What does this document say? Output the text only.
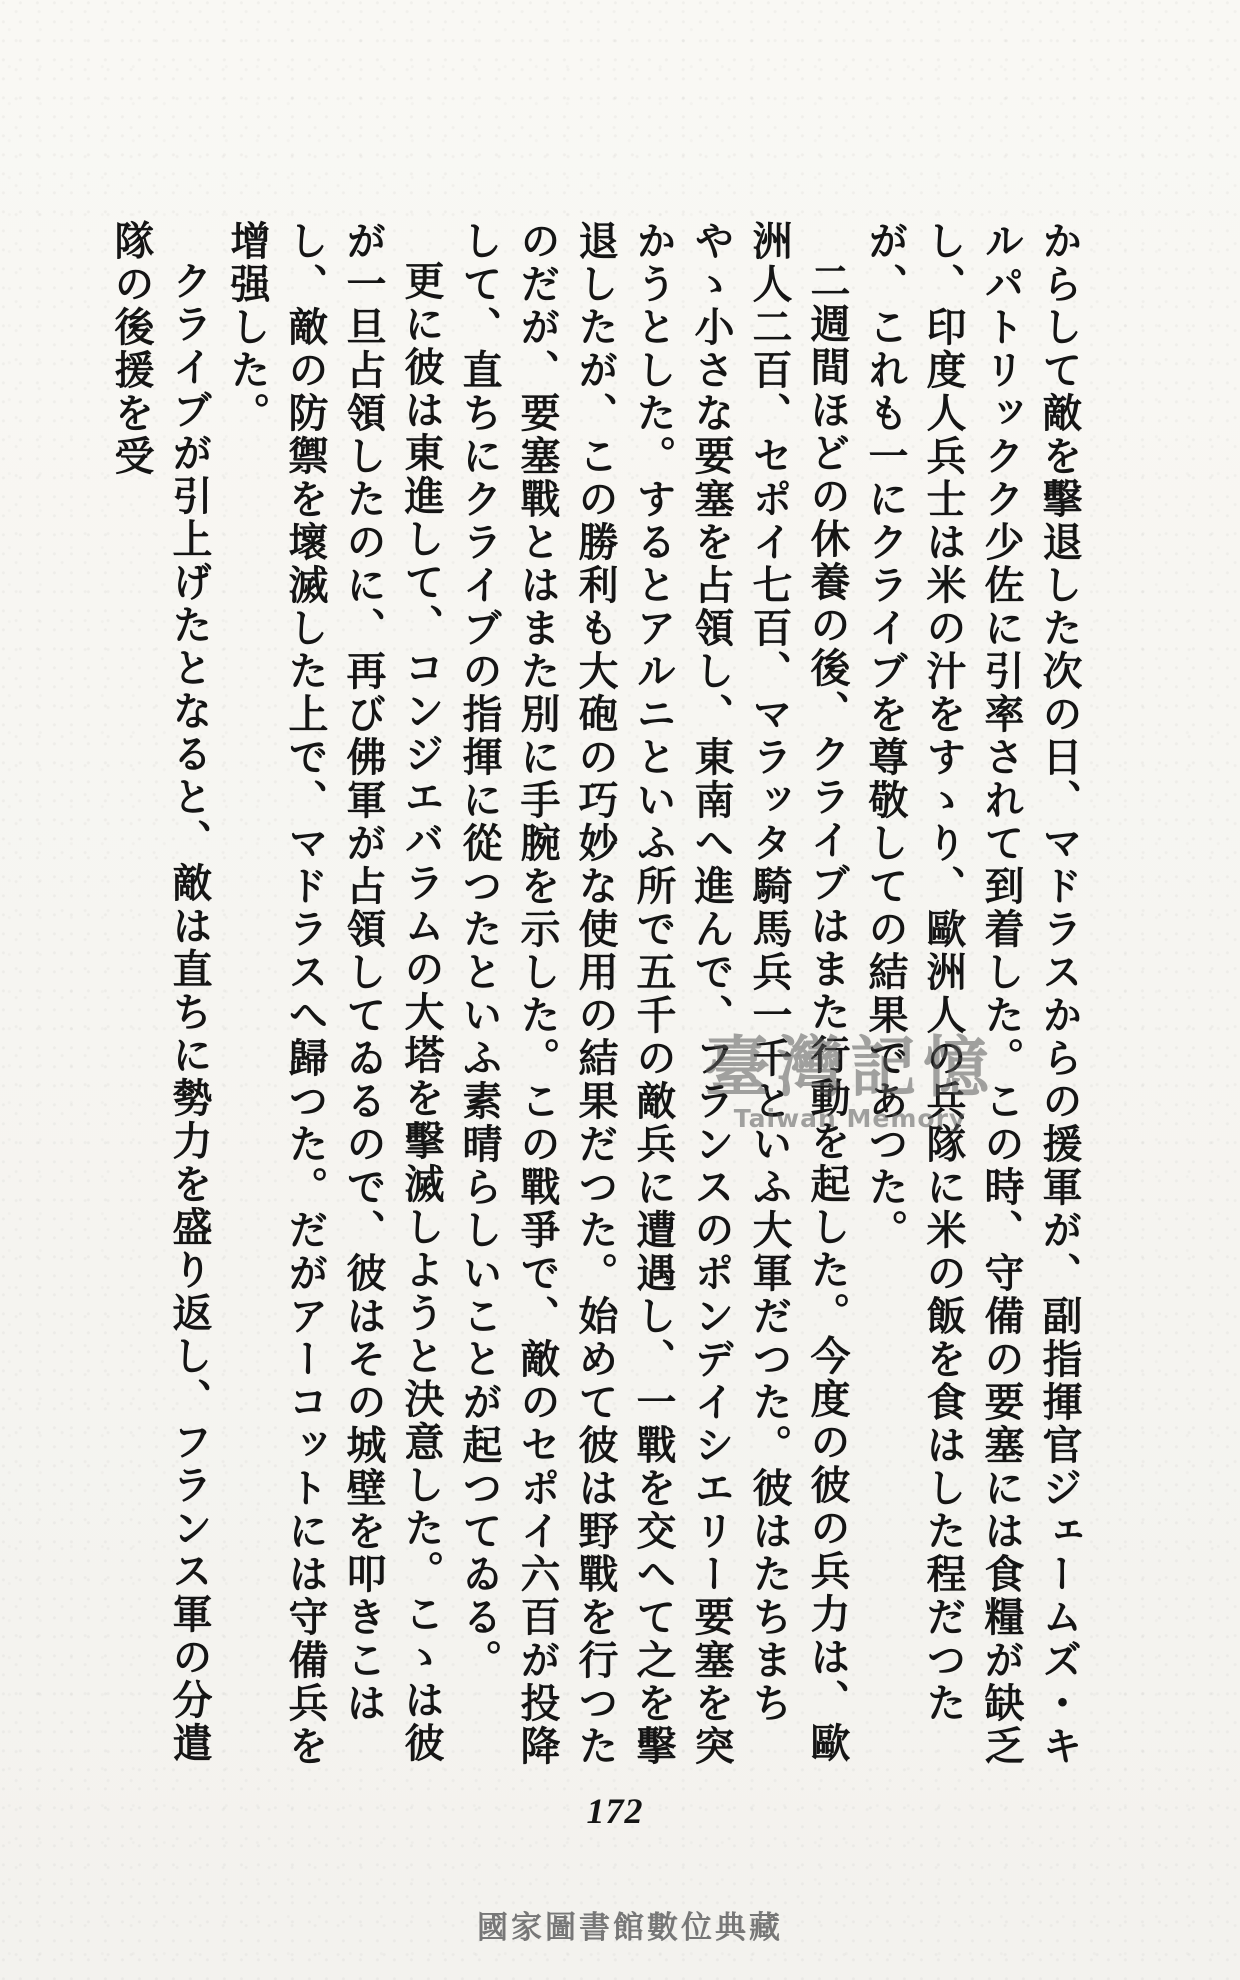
からして敵を擊退した次の日、マドラスからの援軍が、副指揮官ジェームズ・キルパトリックク少佐に引率されて到着した。この時、守備の要塞には食糧が缺乏し、印度人兵士は米の汁をすゝり、歐洲人の兵隊に米の飯を食はした程だつたが、これも一にクライブを尊敬しての結果であつた。

二週間ほどの休養の後、クライブはまた行動を起した。今度の彼の兵力は、歐洲人二百、セポイ七百、マラッタ騎馬兵一千といふ大軍だつた。彼はたちまちやゝ小さな要塞を占領し、東南へ進んで、フランスのポンデイシエリー要塞を突かうとした。するとアルニといふ所で五千の敵兵に遭遇し、一戰を交へて之を擊退したが、この勝利も大砲の巧妙な使用の結果だつた。始めて彼は野戰を行つたのだが、要塞戰とはまた別に手腕を示した。この戰爭で、敵のセポイ六百が投降して、直ちにクライブの指揮に從つたといふ素晴らしいことが起つてゐる。

更に彼は東進して、コンジエバラムの大塔を擊滅しようと決意した。こゝは彼が一旦占領したのに、再び佛軍が占領してゐるので、彼はその城壁を叩きこはし、敵の防禦を壞滅した上で、マドラスへ歸つた。だがアーコットには守備兵を增强した。

クライブが引上げたとなると、敵は直ちに勢力を盛り返し、フランス軍の分遣隊の後援を受

臺灣記憶
Taiwan Memory
172
國家圖書館數位典藏
